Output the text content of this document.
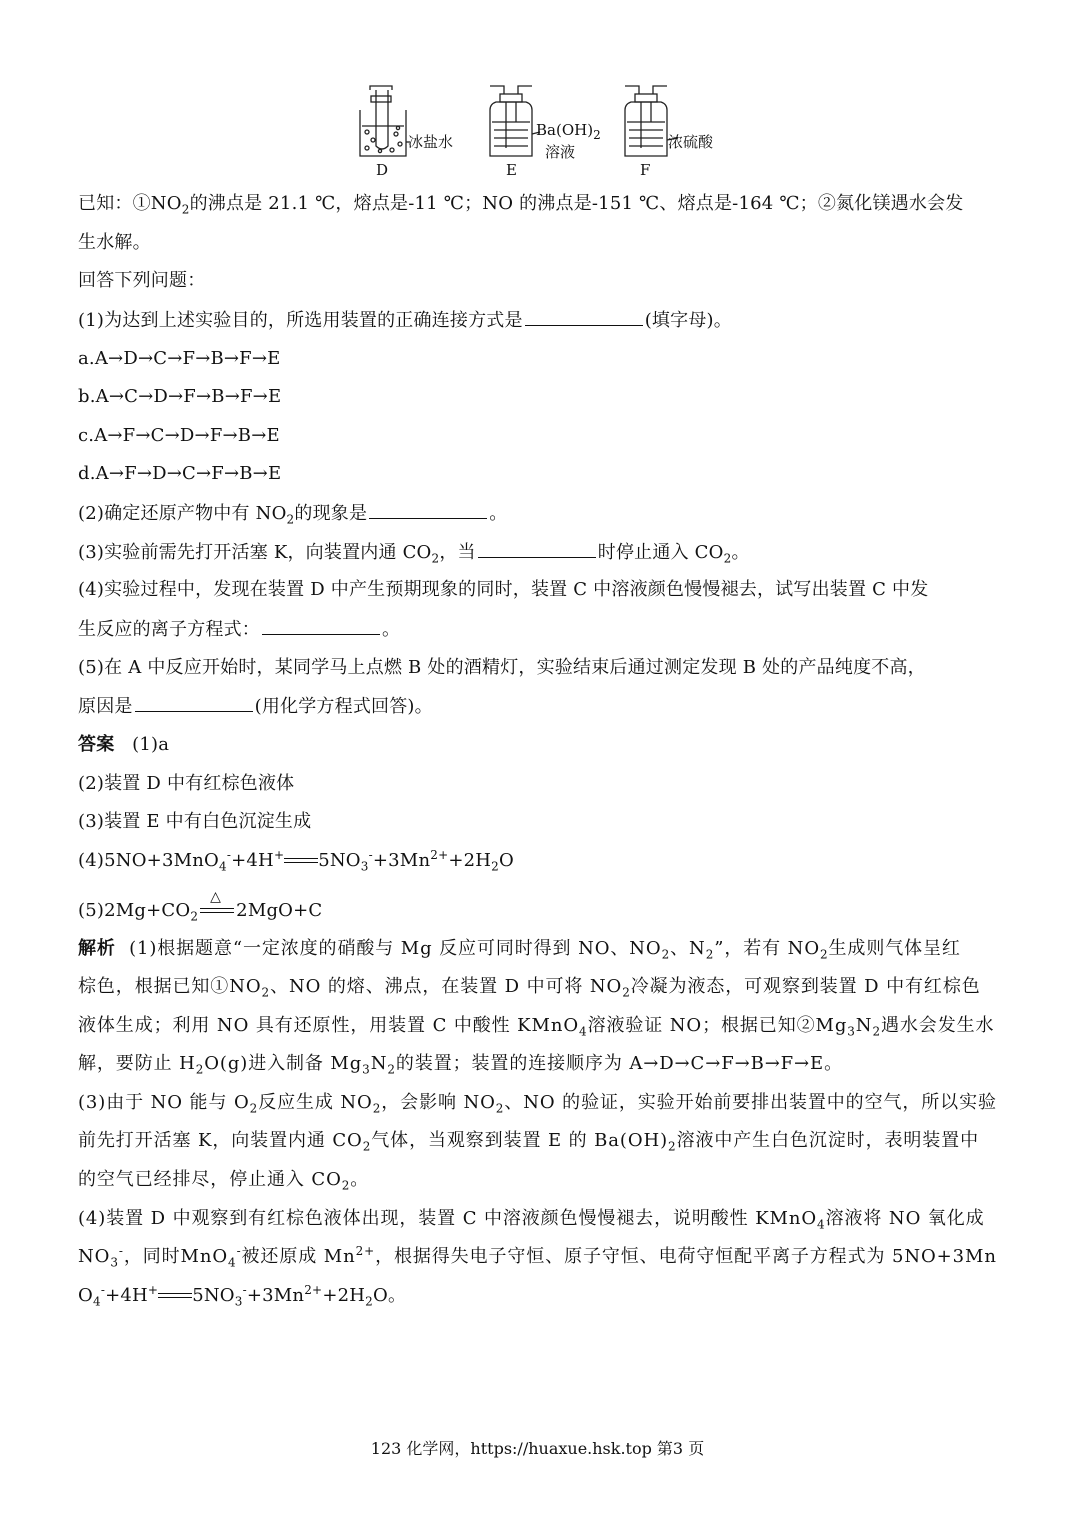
冰盐水
D
$Ba(OH)_2$
溶液
E
浓硫酸
F
已知：$①NO_2$的沸点是 21.1 ℃，熔点是-11 ℃；NO 的沸点是-151 ℃、熔点是-164 ℃；②氮化镁遇水会发
生水解。
回答下列问题：
(1)为达到上述实验目的，所选用装置的正确连接方式是	(填字母)。
a.A→D→C→F→B→F→E
b.A→C→D→F→B→F→E
c.A→F→C→D→F→B→E
d.A→F→D→C→F→B→E
(2)确定还原产物中有 $NO_2$的现象是	。
(3)实验前需先打开活塞 K，向装置内通 $CO_2$，当	时停止通入 $CO_2$。
(4)实验过程中，发现在装置 D 中产生预期现象的同时，装置 C 中溶液颜色慢慢褪去，试写出装置 C 中发
生反应的离子方程式：	。
(5)在 A 中反应开始时，某同学马上点燃 B 处的酒精灯，实验结束后通过测定发现 B 处的产品纯度不高，
原因是	(用化学方程式回答)。
答案 (1)a
(2)装置 D 中有红棕色液体
(3)装置 E 中有白色沉淀生成
(4)5NO+3MnO$_4$-+4H+ $5NO_3^-+3Mn^{2+}+2H_2O$
$(5)2Mg+CO_2$
△
2MgO+C
解析 (1)根据题意“一定浓度的硝酸与 Mg 反应可同时得到 NO、$NO_2$、$N_2$”，若有 $NO_2$生成则气体呈红
棕色，根据已知$①NO_2$、NO 的熔、沸点，在装置 D 中可将 $NO_2$冷凝为液态，可观察到装置 D 中有红棕色
液体生成；利用 NO 具有还原性，用装置 C 中酸性 KMnO$_4$溶液验证 NO；根据已知$②Mg_3N_2$遇水会发生水
解，要防止 $H_2O(g)$进入制备 $Mg_3N_2$的装置；装置的连接顺序为 A→D→C→F→B→F→E。
(3)由于 NO 能与 $O_2$反应生成 $NO_2$，会影响 $NO_2$、NO 的验证，实验开始前要排出装置中的空气，所以实验
前先打开活塞 K，向装置内通 $CO_2$气体，当观察到装置 E 的 $Ba(OH)_2$溶液中产生白色沉淀时，表明装置中
的空气已经排尽，停止通入 $CO_2$。
(4)装置 D 中观察到有红棕色液体出现，装置 C 中溶液颜色慢慢褪去，说明酸性 KMnO$_4$溶液将 NO 氧化成
$NO_3^-$，同时MnO$_4$-被还原成 $Mn^{2+}$，根据得失电子守恒、原子守恒、电荷守恒配平离子方程式为 5NO+3Mn
$O_4^-+4H^+$ $5NO_3^-+3Mn^{2+}+2H_2O$。
123 化学网，https://huaxue.hsk.top 第3 页
